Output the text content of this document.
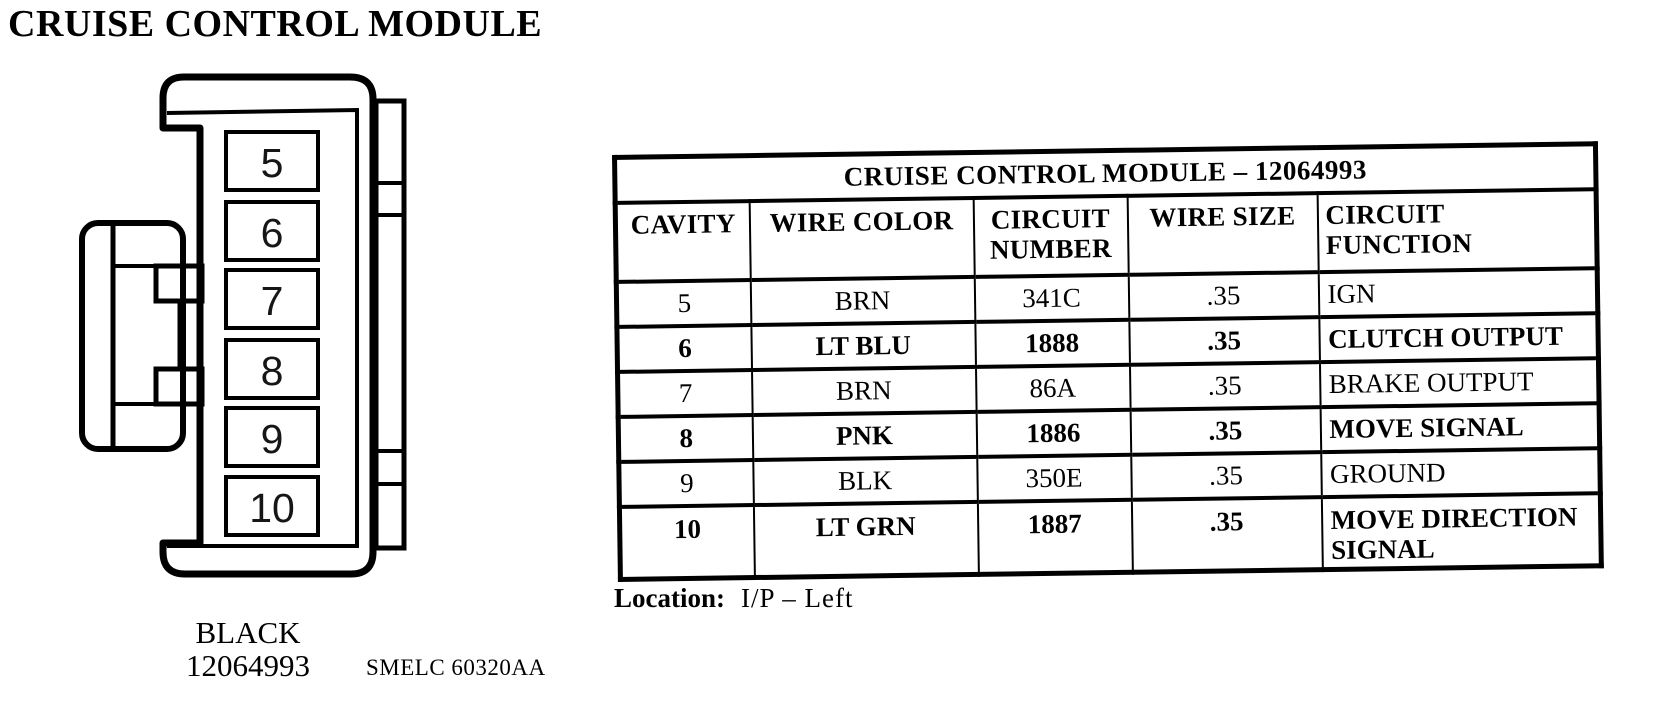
CRUISE CONTROL MODULE
5
6
7
8
9
10
BLACK
12064993	SMELC 60320AA
CRUISE CONTROL MODULE – 12064993				
CAVITY	WIRE COLOR	CIRCUIT NUMBER	WIRE SIZE	CIRCUIT FUNCTION
5	BRN	341C	.35	IGN
6	LT BLU	1888	.35	CLUTCH OUTPUT
7	BRN	86A	.35	BRAKE OUTPUT
8	PNK	1886	.35	MOVE SIGNAL
9	BLK	350E	.35	GROUND
10	LT GRN	1887	.35	MOVE DIRECTION SIGNAL
Location: I/P – Left
